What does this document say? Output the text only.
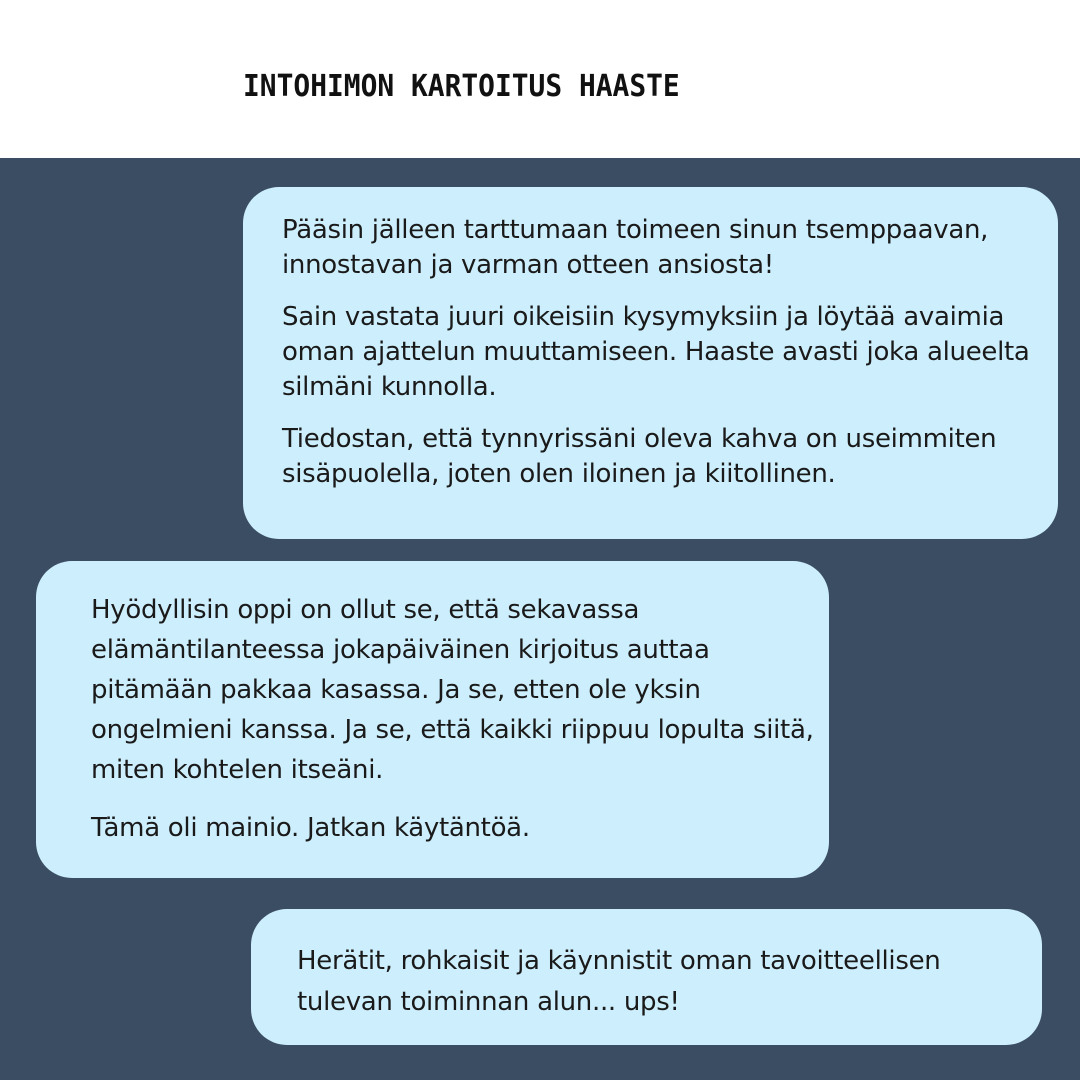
INTOHIMON KARTOITUS HAASTE

Pääsin jälleen tarttumaan toimeen sinun tsemppaavan, innostavan ja varman otteen ansiosta!

Sain vastata juuri oikeisiin kysymyksiin ja löytää avaimia oman ajattelun muuttamiseen. Haaste avasti joka alueelta silmäni kunnolla.

Tiedostan, että tynnyrissäni oleva kahva on useimmiten sisäpuolella, joten olen iloinen ja kiitollinen.

Hyödyllisin oppi on ollut se, että sekavassa elämäntilanteessa jokapäiväinen kirjoitus auttaa pitämään pakkaa kasassa. Ja se, etten ole yksin ongelmieni kanssa. Ja se, että kaikki riippuu lopulta siitä, miten kohtelen itseäni.

Tämä oli mainio. Jatkan käytäntöä.

Herätit, rohkaisit ja käynnistit oman tavoitteellisen tulevan toiminnan alun... ups!
